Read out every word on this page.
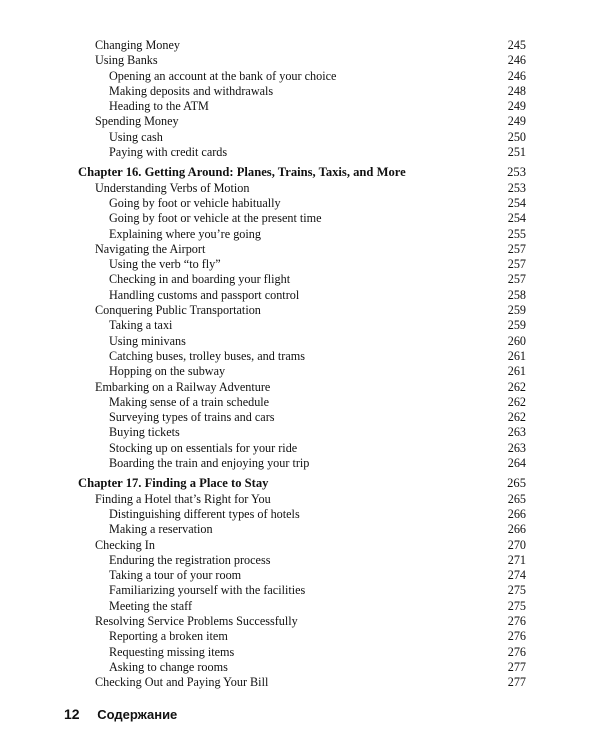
Changing Money	245
Using Banks	246
Opening an account at the bank of your choice	246
Making deposits and withdrawals	248
Heading to the ATM	249
Spending Money	249
Using cash	250
Paying with credit cards	251
Chapter 16. Getting Around: Planes, Trains, Taxis, and More	253
Understanding Verbs of Motion	253
Going by foot or vehicle habitually	254
Going by foot or vehicle at the present time	254
Explaining where you’re going	255
Navigating the Airport	257
Using the verb “to fly”	257
Checking in and boarding your flight	257
Handling customs and passport control	258
Conquering Public Transportation	259
Taking a taxi	259
Using minivans	260
Catching buses, trolley buses, and trams	261
Hopping on the subway	261
Embarking on a Railway Adventure	262
Making sense of a train schedule	262
Surveying types of trains and cars	262
Buying tickets	263
Stocking up on essentials for your ride	263
Boarding the train and enjoying your trip	264
Chapter 17. Finding a Place to Stay	265
Finding a Hotel that’s Right for You	265
Distinguishing different types of hotels	266
Making a reservation	266
Checking In	270
Enduring the registration process	271
Taking a tour of your room	274
Familiarizing yourself with the facilities	275
Meeting the staff	275
Resolving Service Problems Successfully	276
Reporting a broken item	276
Requesting missing items	276
Asking to change rooms	277
Checking Out and Paying Your Bill	277
12 Содержание
